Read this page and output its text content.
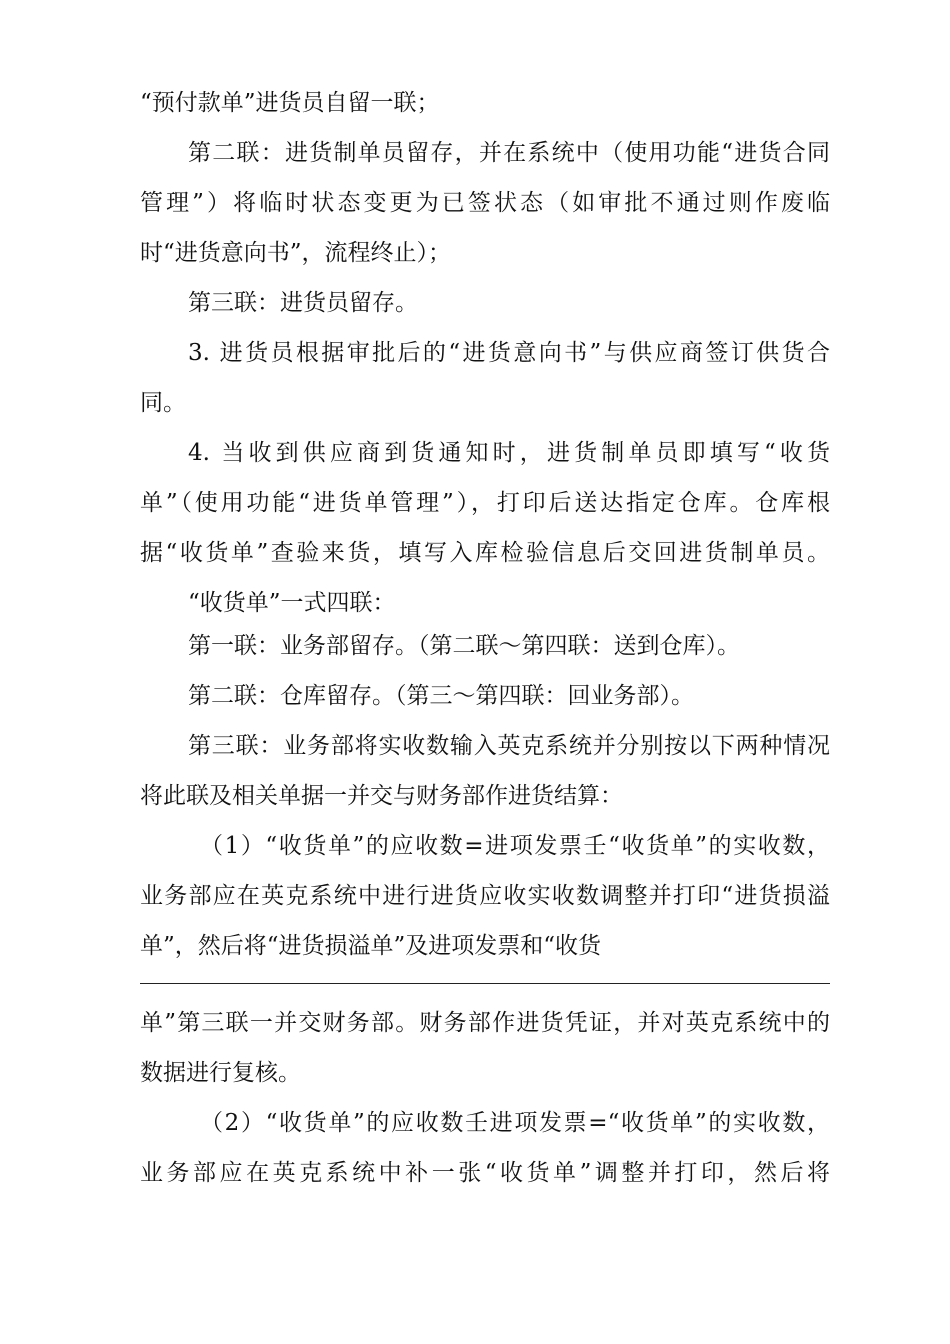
“预付款单”进货员自留一联；
第二联：进货制单员留存，并在系统中（使用功能“进货合同
管理”）将临时状态变更为已签状态（如审批不通过则作废临
时“进货意向书”，流程终止）；
第三联：进货员留存。
3. 进货员根据审批后的“进货意向书”与供应商签订供货合
同。
4. 当收到供应商到货通知时，进货制单员即填写“收货
单”（使用功能“进货单管理”），打印后送达指定仓库。仓库根
据“收货单”查验来货，填写入库检验信息后交回进货制单员。
“收货单”一式四联：
第一联：业务部留存。（第二联〜第四联：送到仓库）。
第二联：仓库留存。（第三〜第四联：回业务部）。
第三联：业务部将实收数输入英克系统并分别按以下两种情况
将此联及相关单据一并交与财务部作进货结算：
（1）“收货单”的应收数=进项发票壬“收货单”的实收数，
业务部应在英克系统中进行进货应收实收数调整并打印“进货损溢
单”，然后将“进货损溢单”及进项发票和“收货
单”第三联一并交财务部。财务部作进货凭证，并对英克系统中的
数据进行复核。
（2）“收货单”的应收数壬进项发票=“收货单”的实收数，
业务部应在英克系统中补一张“收货单”调整并打印，然后将
